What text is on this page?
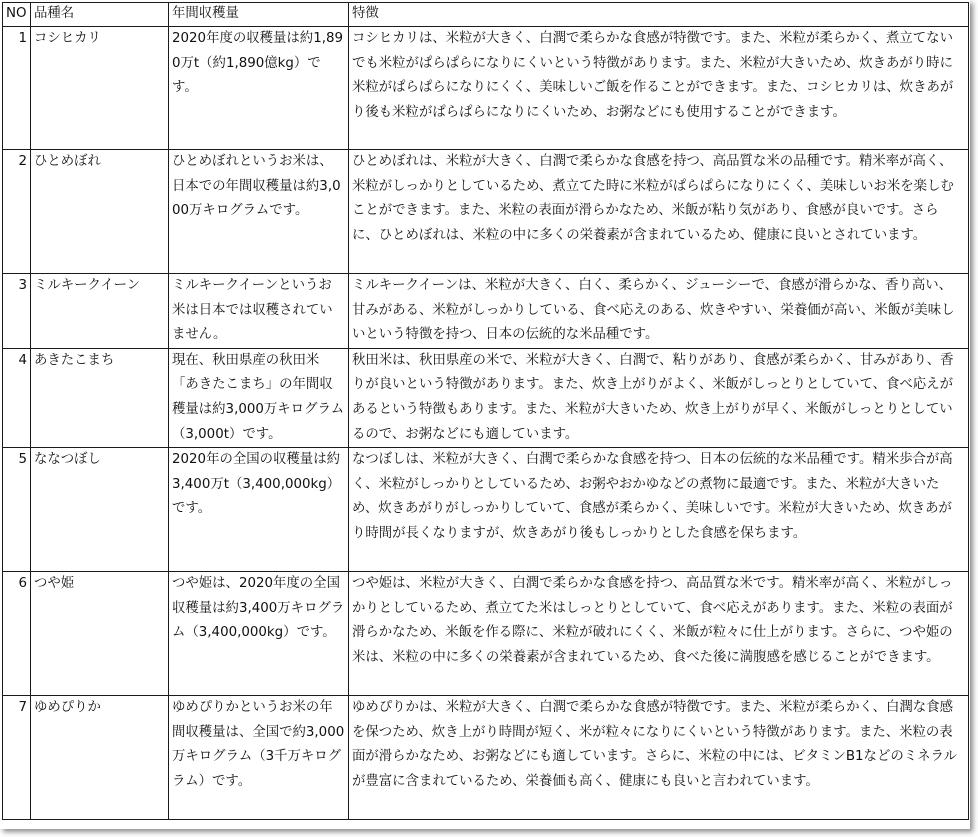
NO	品種名	年間収穫量	特徴
1	コシヒカリ	2020年度の収穫量は約1,890万t（約1,890億kg）です。	コシヒカリは、米粒が大きく、白潤で柔らかな食感が特徴です。また、米粒が柔らかく、煮立てないでも米粒がぱらぱらになりにくいという特徴があります。また、米粒が大きいため、炊きあがり時に米粒がぱらぱらになりにくく、美味しいご飯を作ることができます。また、コシヒカリは、炊きあがり後も米粒がぱらぱらになりにくいため、お粥などにも使用することができます。
2	ひとめぼれ	ひとめぼれというお米は、日本での年間収穫量は約3,000万キログラムです。	ひとめぼれは、米粒が大きく、白潤で柔らかな食感を持つ、高品質な米の品種です。精米率が高く、米粒がしっかりとしているため、煮立てた時に米粒がぱらぱらになりにくく、美味しいお米を楽しむことができます。また、米粒の表面が滑らかなため、米飯が粘り気があり、食感が良いです。さらに、ひとめぼれは、米粒の中に多くの栄養素が含まれているため、健康に良いとされています。
3	ミルキークイーン	ミルキークイーンというお米は日本では収穫されていません。	ミルキークイーンは、米粒が大きく、白く、柔らかく、ジューシーで、食感が滑らかな、香り高い、甘みがある、米粒がしっかりしている、食べ応えのある、炊きやすい、栄養価が高い、米飯が美味しいという特徴を持つ、日本の伝統的な米品種です。
4	あきたこまち	現在、秋田県産の秋田米「あきたこまち」の年間収穫量は約3,000万キログラム（3,000t）です。	秋田米は、秋田県産の米で、米粒が大きく、白潤で、粘りがあり、食感が柔らかく、甘みがあり、香りが良いという特徴があります。また、炊き上がりがよく、米飯がしっとりとしていて、食べ応えがあるという特徴もあります。また、米粒が大きいため、炊き上がりが早く、米飯がしっとりとしているので、お粥などにも適しています。
5	ななつぼし	2020年の全国の収穫量は約3,400万t（3,400,000kg）です。	なつぼしは、米粒が大きく、白潤で柔らかな食感を持つ、日本の伝統的な米品種です。精米歩合が高く、米粒がしっかりとしているため、お粥やおかゆなどの煮物に最適です。また、米粒が大きいため、炊きあがりがしっかりしていて、食感が柔らかく、美味しいです。米粒が大きいため、炊きあがり時間が長くなりますが、炊きあがり後もしっかりとした食感を保ちます。
6	つや姫	つや姫は、2020年度の全国収穫量は約3,400万キログラム（3,400,000kg）です。	つや姫は、米粒が大きく、白潤で柔らかな食感を持つ、高品質な米です。精米率が高く、米粒がしっかりとしているため、煮立てた米はしっとりとしていて、食べ応えがあります。また、米粒の表面が滑らかなため、米飯を作る際に、米粒が破れにくく、米飯が粒々に仕上がります。さらに、つや姫の米は、米粒の中に多くの栄養素が含まれているため、食べた後に満腹感を感じることができます。
7	ゆめぴりか	ゆめぴりかというお米の年間収穫量は、全国で約3,000万キログラム（3千万キログラム）です。	ゆめぴりかは、米粒が大きく、白潤で柔らかな食感が特徴です。また、米粒が柔らかく、白潤な食感を保つため、炊き上がり時間が短く、米が粒々になりにくいという特徴があります。また、米粒の表面が滑らかなため、お粥などにも適しています。さらに、米粒の中には、ビタミンB1などのミネラルが豊富に含まれているため、栄養価も高く、健康にも良いと言われています。
